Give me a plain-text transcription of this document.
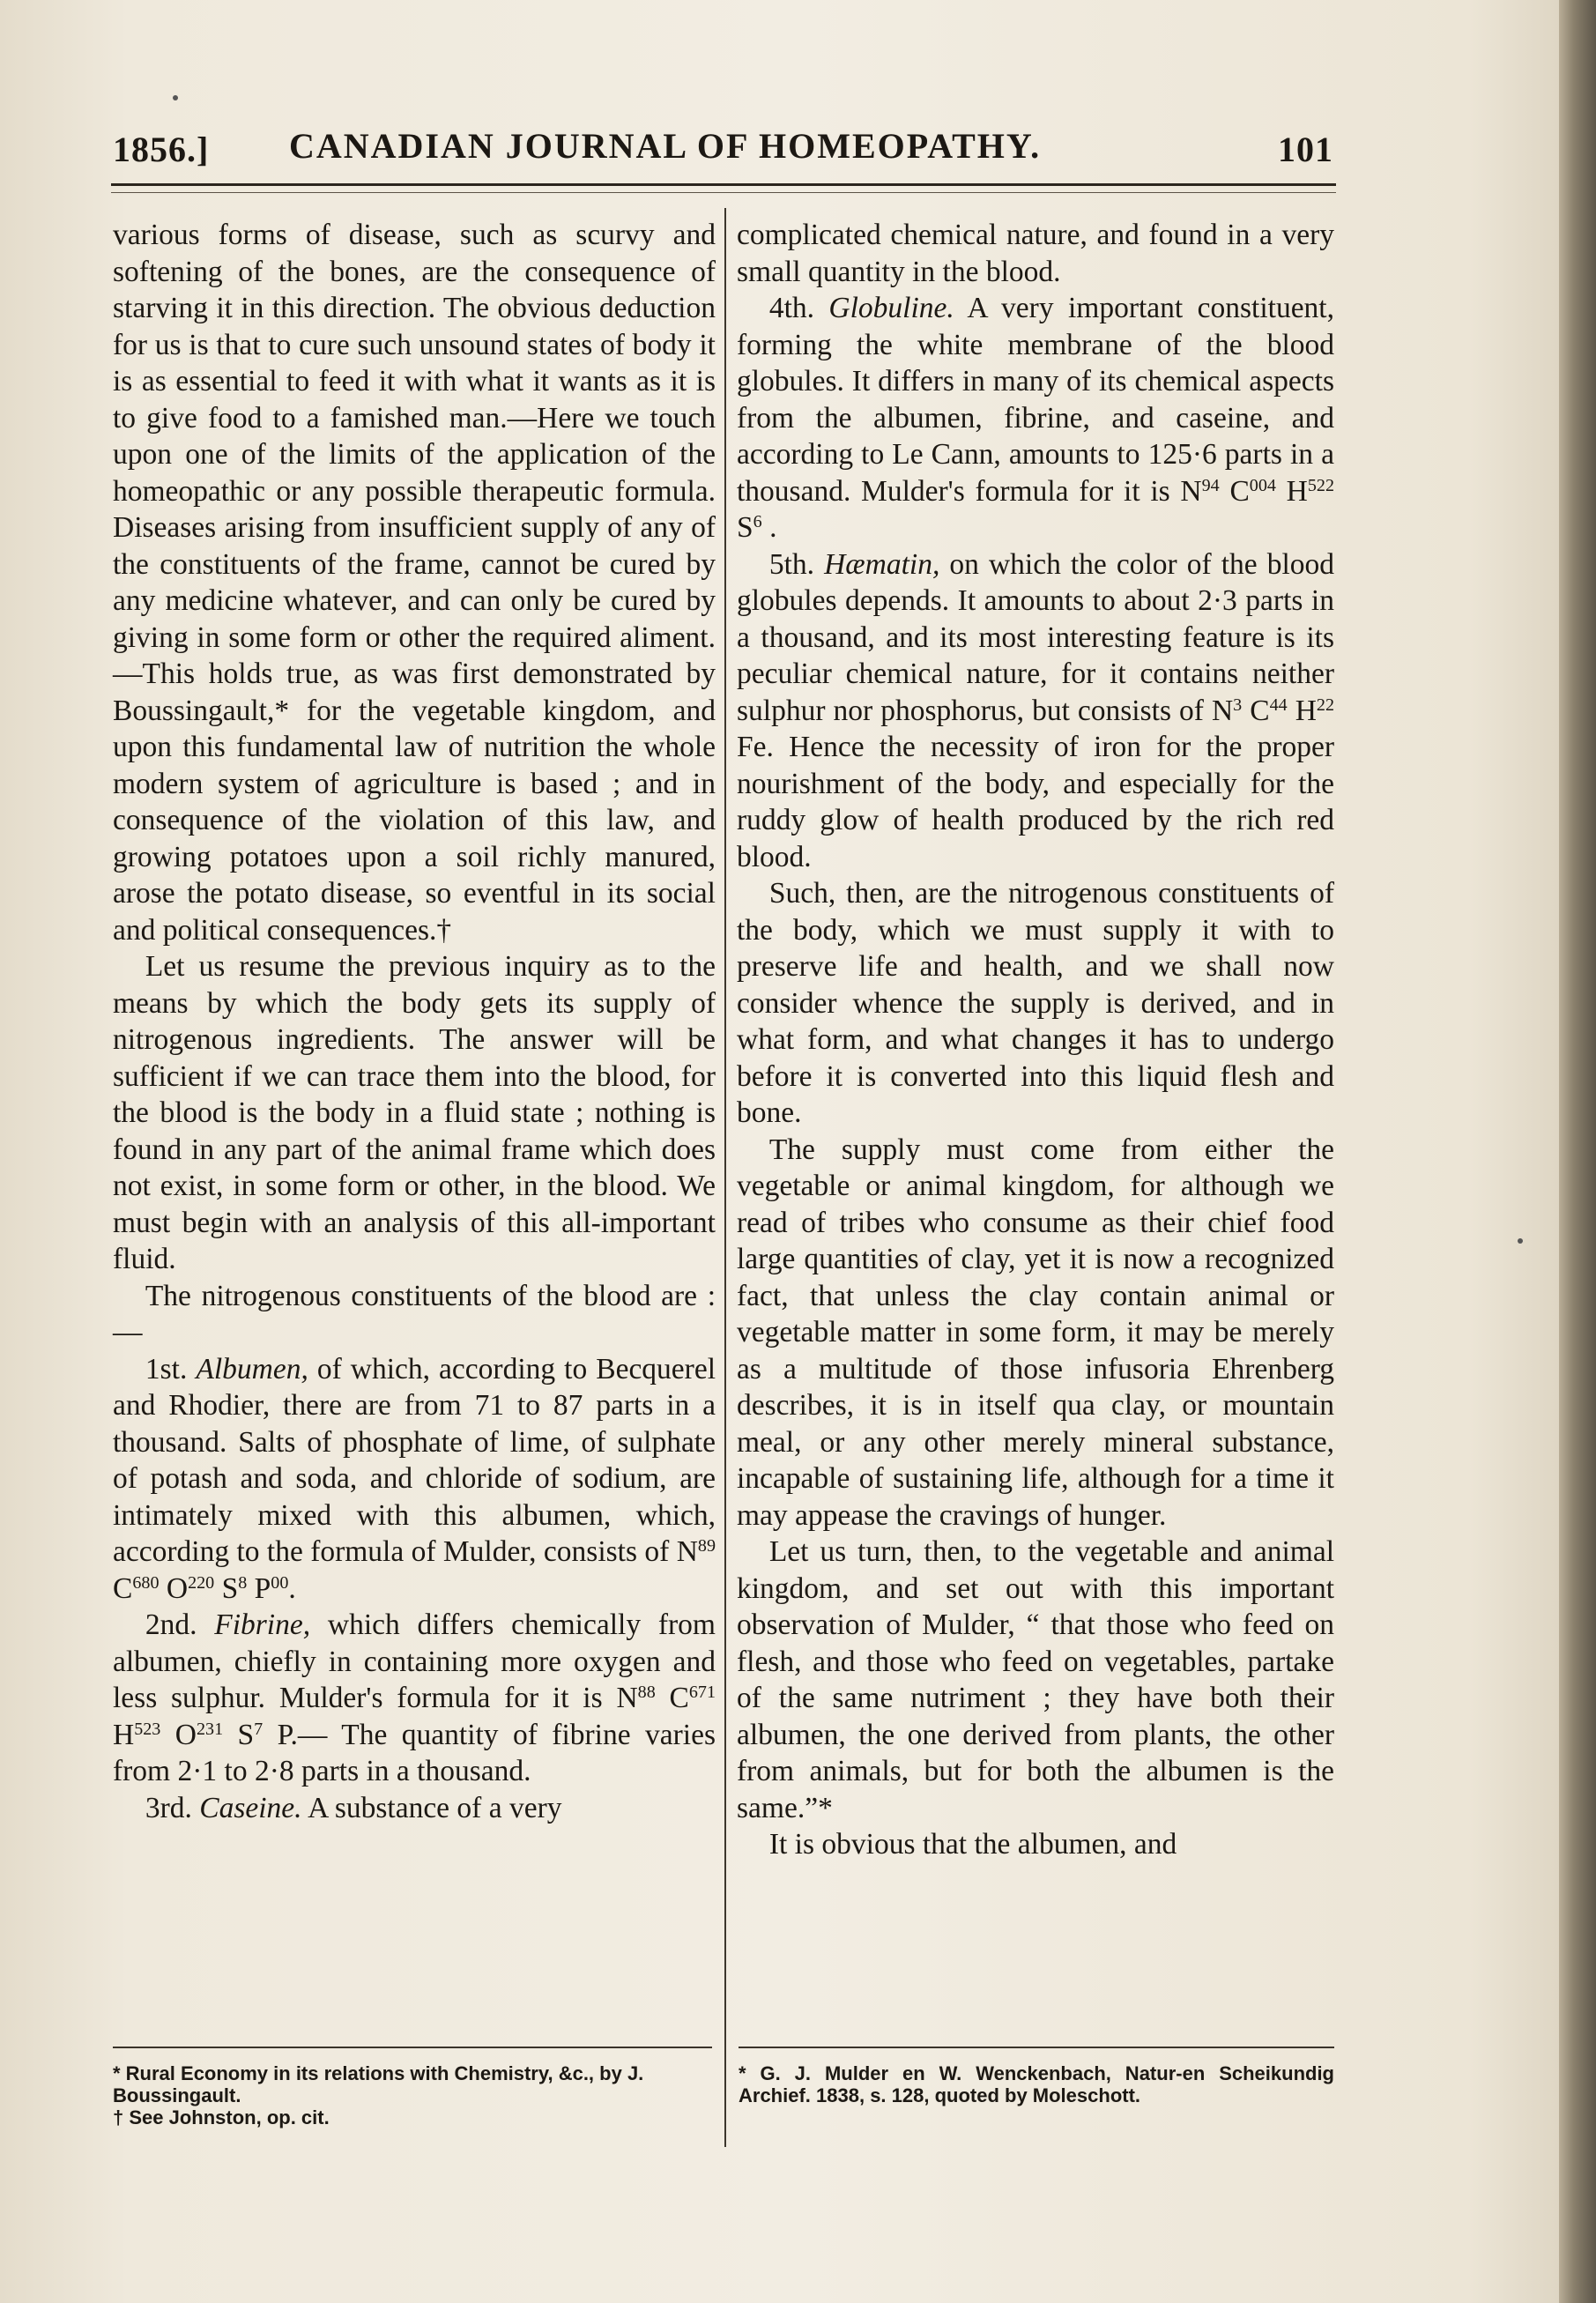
1856.] CANADIAN JOURNAL OF HOMEOPATHY.	101

various forms of disease, such as scurvy and softening of the bones, are the consequence of starving it in this direction. The obvious deduction for us is that to cure such unsound states of body it is as essential to feed it with what it wants as it is to give food to a famished man.—Here we touch upon one of the limits of the application of the homeopathic or any possible therapeutic formula. Diseases arising from insufficient supply of any of the constituents of the frame, cannot be cured by any medicine whatever, and can only be cured by giving in some form or other the required aliment.—This holds true, as was first demonstrated by Boussingault,* for the vegetable kingdom, and upon this fundamental law of nutrition the whole modern system of agriculture is based ; and in consequence of the violation of this law, and growing potatoes upon a soil richly manured, arose the potato disease, so eventful in its social and political consequences.†

Let us resume the previous inquiry as to the means by which the body gets its supply of nitrogenous ingredients. The answer will be sufficient if we can trace them into the blood, for the blood is the body in a fluid state ; nothing is found in any part of the animal frame which does not exist, in some form or other, in the blood. We must begin with an analysis of this all-important fluid.

The nitrogenous constituents of the blood are :—

1st. Albumen, of which, according to Becquerel and Rhodier, there are from 71 to 87 parts in a thousand. Salts of phosphate of lime, of sulphate of potash and soda, and chloride of sodium, are intimately mixed with this albumen, which, according to the formula of Mulder, consists of $N^{89}$ $C^{680}$ $O^{220}$ $S^8$ $P^{00}$.

2nd. Fibrine, which differs chemically from albumen, chiefly in containing more oxygen and less sulphur. Mulder's formula for it is $N^{88}$ $C^{671}$ $H^{523}$ $O^{231}$ $S^7$ P.— The quantity of fibrine varies from 2·1 to 2·8 parts in a thousand.

3rd. Caseine. A substance of a very

complicated chemical nature, and found in a very small quantity in the blood.

4th. Globuline. A very important constituent, forming the white membrane of the blood globules. It differs in many of its chemical aspects from the albumen, fibrine, and caseine, and according to Le Cann, amounts to 125·6 parts in a thousand. Mulder's formula for it is $N^{94}$ $C^{004}$ $H^{522}$ $S^6$ .

5th. Hæmatin, on which the color of the blood globules depends. It amounts to about 2·3 parts in a thousand, and its most interesting feature is its peculiar chemical nature, for it contains neither sulphur nor phosphorus, but consists of $N^3$ $C^{44}$ $H^{22}$ Fe. Hence the necessity of iron for the proper nourishment of the body, and especially for the ruddy glow of health produced by the rich red blood.

Such, then, are the nitrogenous constituents of the body, which we must supply it with to preserve life and health, and we shall now consider whence the supply is derived, and in what form, and what changes it has to undergo before it is converted into this liquid flesh and bone.

The supply must come from either the vegetable or animal kingdom, for although we read of tribes who consume as their chief food large quantities of clay, yet it is now a recognized fact, that unless the clay contain animal or vegetable matter in some form, it may be merely as a multitude of those infusoria Ehrenberg describes, it is in itself qua clay, or mountain meal, or any other merely mineral substance, incapable of sustaining life, although for a time it may appease the cravings of hunger.

Let us turn, then, to the vegetable and animal kingdom, and set out with this important observation of Mulder, “ that those who feed on flesh, and those who feed on vegetables, partake of the same nutriment ; they have both their albumen, the one derived from plants, the other from animals, but for both the albumen is the same.”*

It is obvious that the albumen, and

* Rural Economy in its relations with Chemistry, &c., by J. Boussingault.

† See Johnston, op. cit.

* G. J. Mulder en W. Wenckenbach, Natur-en Scheikundig Archief. 1838, s. 128, quoted by Moleschott.
